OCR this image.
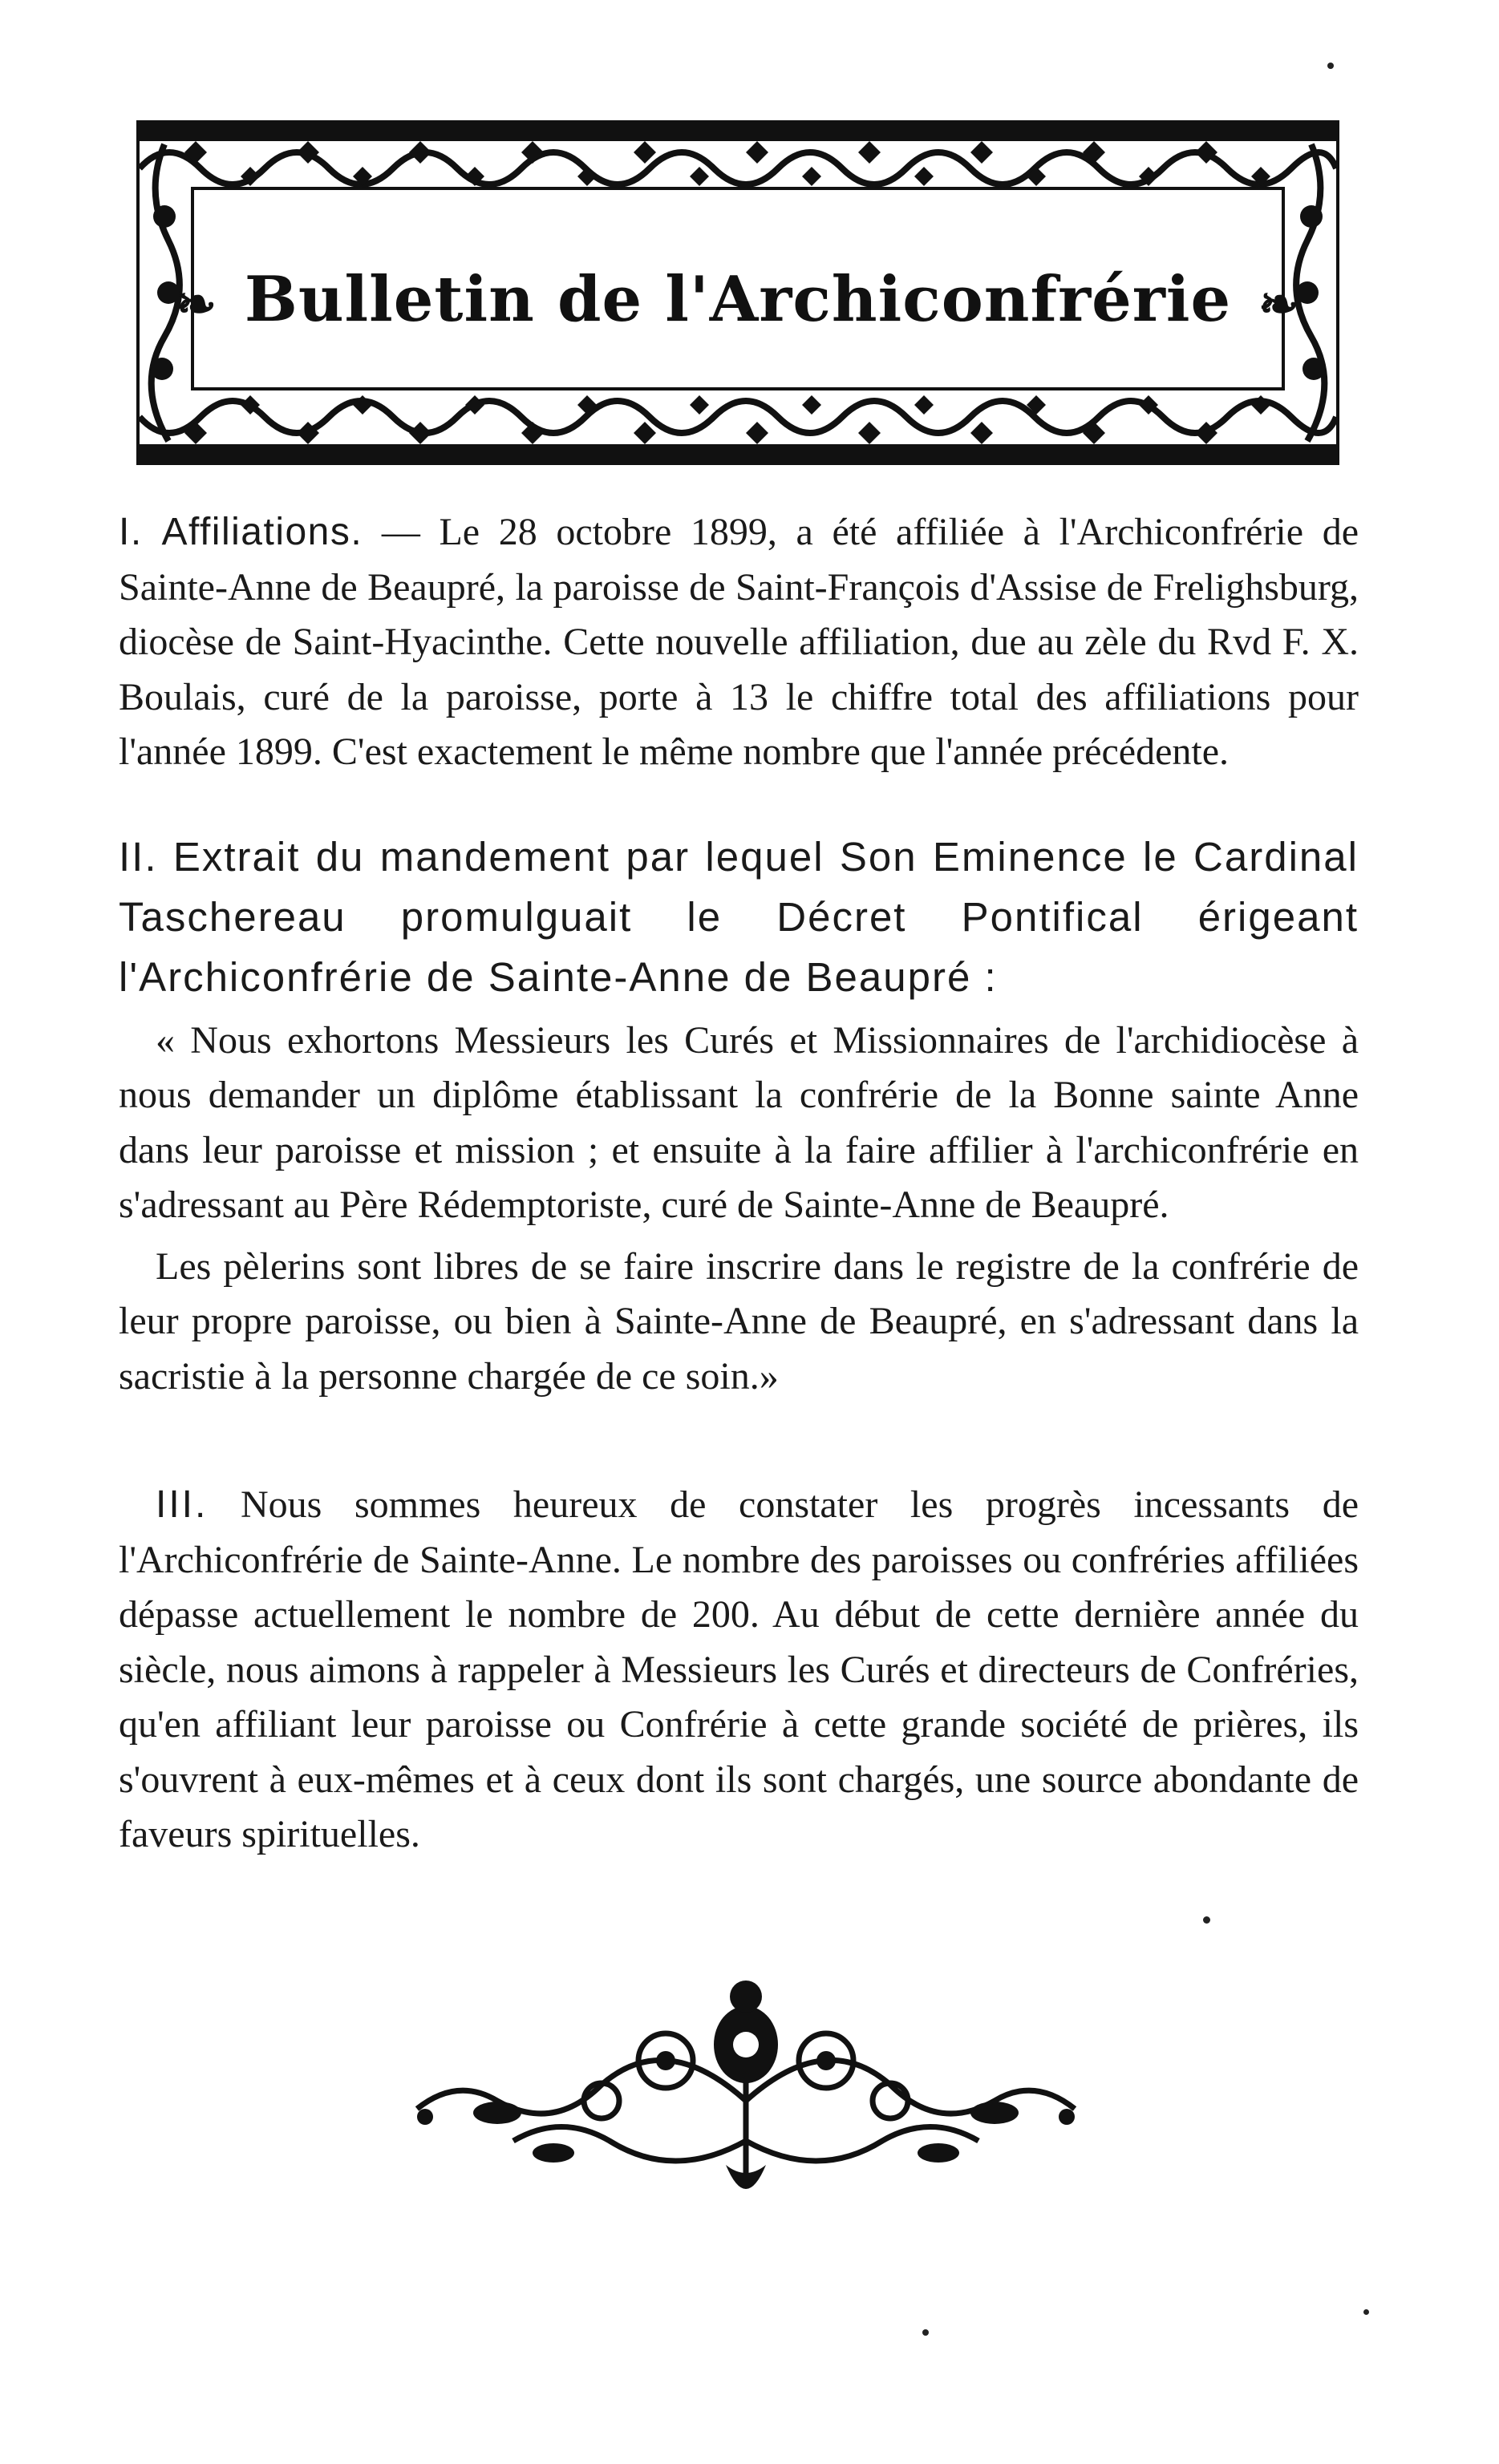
❧ Bulletin de l'Archiconfrérie ❧

I. Affiliations. — Le 28 octobre 1899, a été affiliée à l'Archiconfrérie de Sainte-Anne de Beaupré, la paroisse de Saint-François d'Assise de Frelighsburg, diocèse de Saint-Hyacinthe. Cette nouvelle affiliation, due au zèle du Rvd F. X. Boulais, curé de la paroisse, porte à 13 le chiffre total des affiliations pour l'année 1899. C'est exactement le même nombre que l'année précédente.

II. Extrait du mandement par lequel Son Eminence le Cardinal Taschereau promulguait le Décret Pontifical érigeant l'Archiconfrérie de Sainte-Anne de Beaupré :

« Nous exhortons Messieurs les Curés et Missionnaires de l'archidiocèse à nous demander un diplôme établissant la confrérie de la Bonne sainte Anne dans leur paroisse et mission ; et ensuite à la faire affilier à l'archiconfrérie en s'adressant au Père Rédemptoriste, curé de Sainte-Anne de Beaupré.

Les pèlerins sont libres de se faire inscrire dans le registre de la confrérie de leur propre paroisse, ou bien à Sainte-Anne de Beaupré, en s'adressant dans la sacristie à la personne chargée de ce soin.»

III. Nous sommes heureux de constater les progrès incessants de l'Archiconfrérie de Sainte-Anne. Le nombre des paroisses ou confréries affiliées dépasse actuellement le nombre de 200. Au début de cette dernière année du siècle, nous aimons à rappeler à Messieurs les Curés et directeurs de Confréries, qu'en affiliant leur paroisse ou Confrérie à cette grande société de prières, ils s'ouvrent à eux-mêmes et à ceux dont ils sont chargés, une source abondante de faveurs spirituelles.
